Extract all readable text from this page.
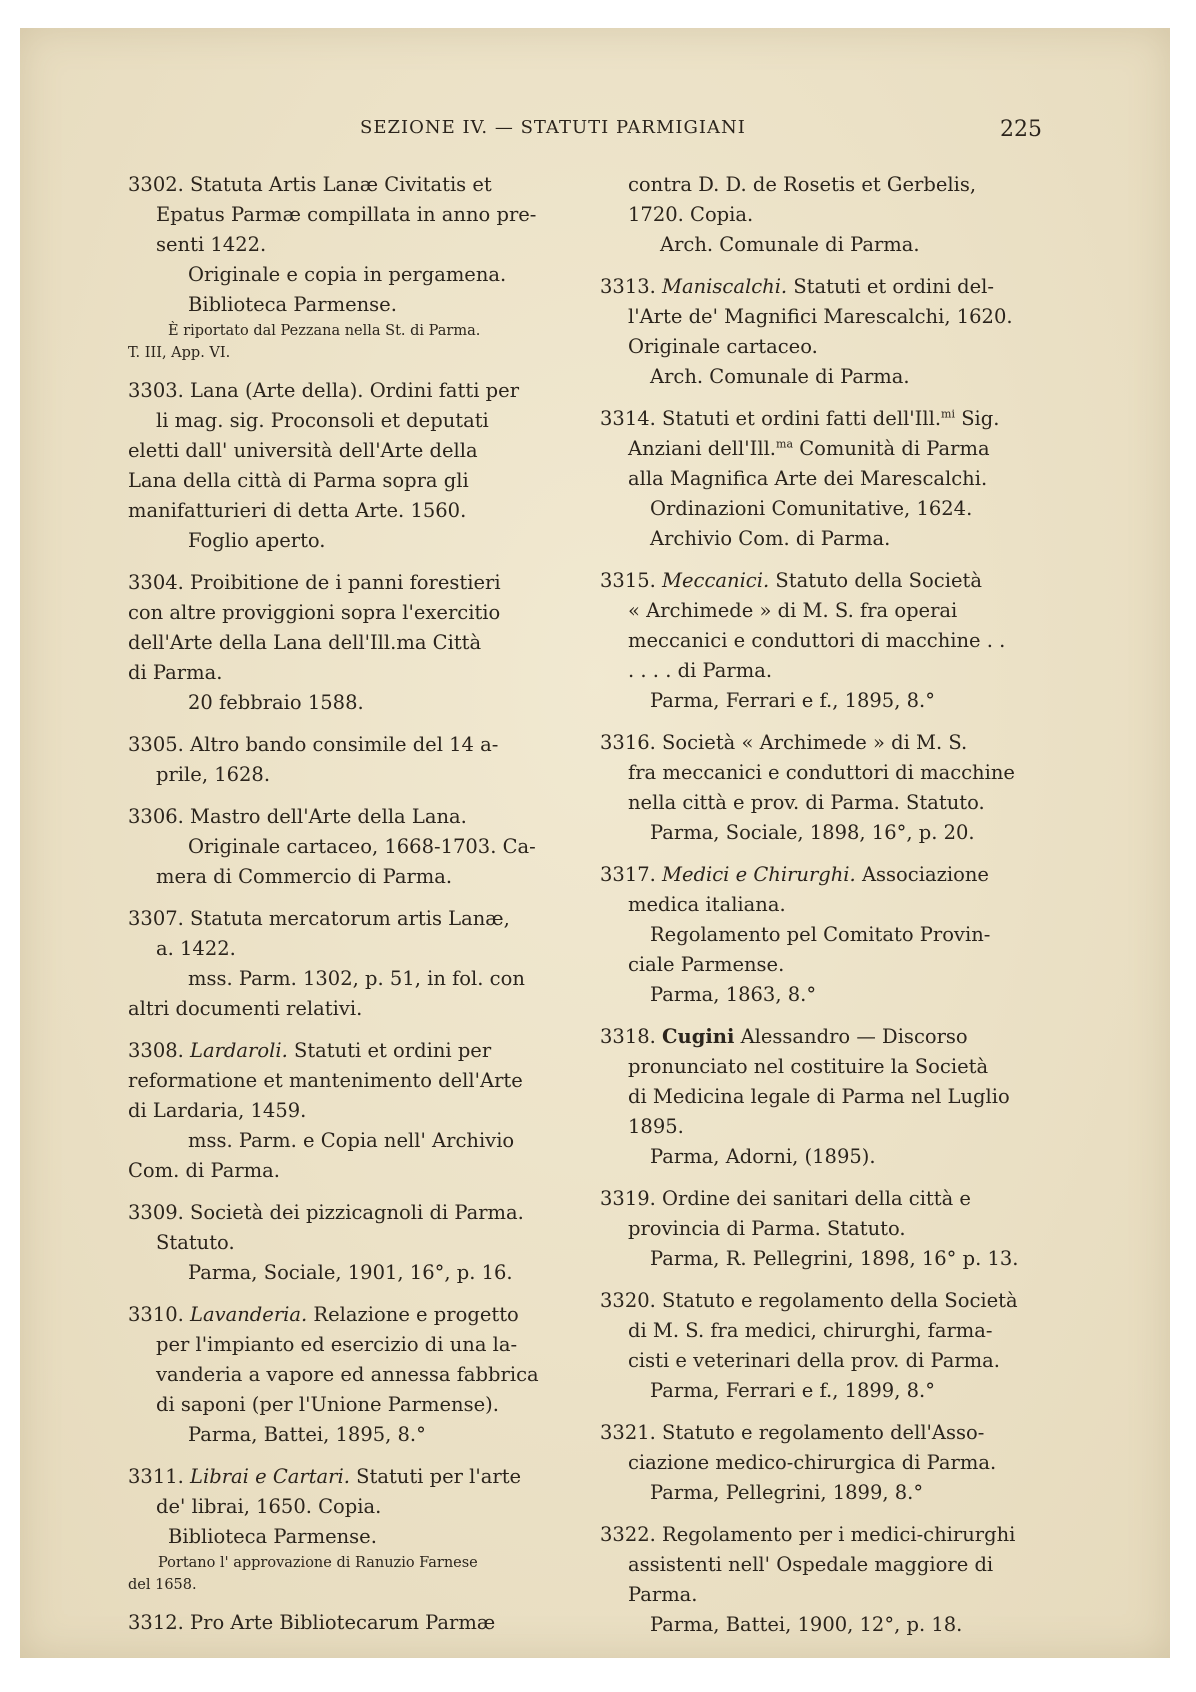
SEZIONE IV. — STATUTI PARMIGIANI	225
3302. Statuta Artis Lanæ Civitatis et
Epatus Parmæ compillata in anno pre-
senti 1422.
Originale e copia in pergamena.
Biblioteca Parmense.
È riportato dal Pezzana nella St. di Parma.
T. III, App. VI.
3303. Lana (Arte della). Ordini fatti per
li mag. sig. Proconsoli et deputati
eletti dall' università dell'Arte della
Lana della città di Parma sopra gli
manifatturieri di detta Arte. 1560.
Foglio aperto.
3304. Proibitione de i panni forestieri
con altre proviggioni sopra l'exercitio
dell'Arte della Lana dell'Ill.ma Città
di Parma.
20 febbraio 1588.
3305. Altro bando consimile del 14 a-
prile, 1628.
3306. Mastro dell'Arte della Lana.
Originale cartaceo, 1668-1703. Ca-
mera di Commercio di Parma.
3307. Statuta mercatorum artis Lanæ,
a. 1422.
mss. Parm. 1302, p. 51, in fol. con
altri documenti relativi.
3308. Lardaroli. Statuti et ordini per
reformatione et mantenimento dell'Arte
di Lardaria, 1459.
mss. Parm. e Copia nell' Archivio
Com. di Parma.
3309. Società dei pizzicagnoli di Parma.
Statuto.
Parma, Sociale, 1901, 16°, p. 16.
3310. Lavanderia. Relazione e progetto
per l'impianto ed esercizio di una la-
vanderia a vapore ed annessa fabbrica
di saponi (per l'Unione Parmense).
Parma, Battei, 1895, 8.°
3311. Librai e Cartari. Statuti per l'arte
de' librai, 1650. Copia.
Biblioteca Parmense.
Portano l' approvazione di Ranuzio Farnese
del 1658.
3312. Pro Arte Bibliotecarum Parmæ
contra D. D. de Rosetis et Gerbelis,
1720. Copia.
Arch. Comunale di Parma.
3313. Maniscalchi. Statuti et ordini del-
l'Arte de' Magnifici Marescalchi, 1620.
Originale cartaceo.
Arch. Comunale di Parma.
3314. Statuti et ordini fatti dell'Ill.$^{mi}$ Sig.
Anziani dell'Ill.$^{ma}$ Comunità di Parma
alla Magnifica Arte dei Marescalchi.
Ordinazioni Comunitative, 1624.
Archivio Com. di Parma.
3315. Meccanici. Statuto della Società
« Archimede » di M. S. fra operai
meccanici e conduttori di macchine . .
. . . . di Parma.
Parma, Ferrari e f., 1895, 8.°
3316. Società « Archimede » di M. S.
fra meccanici e conduttori di macchine
nella città e prov. di Parma. Statuto.
Parma, Sociale, 1898, 16°, p. 20.
3317. Medici e Chirurghi. Associazione
medica italiana.
Regolamento pel Comitato Provin-
ciale Parmense.
Parma, 1863, 8.°
3318. Cugini Alessandro — Discorso
pronunciato nel costituire la Società
di Medicina legale di Parma nel Luglio
1895.
Parma, Adorni, (1895).
3319. Ordine dei sanitari della città e
provincia di Parma. Statuto.
Parma, R. Pellegrini, 1898, 16° p. 13.
3320. Statuto e regolamento della Società
di M. S. fra medici, chirurghi, farma-
cisti e veterinari della prov. di Parma.
Parma, Ferrari e f., 1899, 8.°
3321. Statuto e regolamento dell'Asso-
ciazione medico-chirurgica di Parma.
Parma, Pellegrini, 1899, 8.°
3322. Regolamento per i medici-chirurghi
assistenti nell' Ospedale maggiore di
Parma.
Parma, Battei, 1900, 12°, p. 18.
